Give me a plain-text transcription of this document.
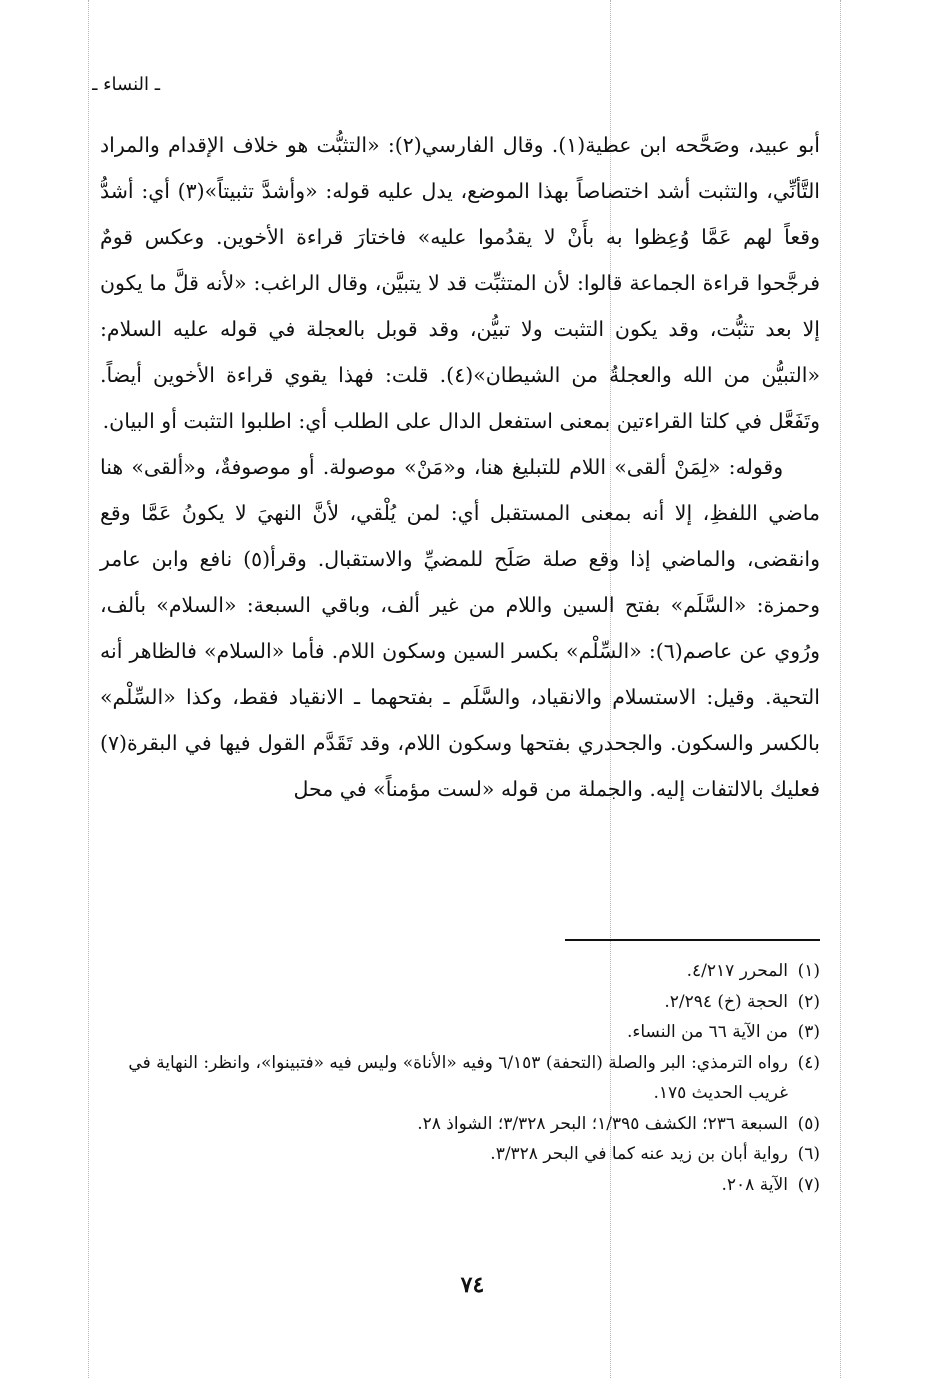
ـ النساء ـ

أبو عبيد، وصَحَّحه ابن عطية(١). وقال الفارسي(٢): «التثبُّت هو خلاف الإقدام والمراد التَّأنِّي، والتثبت أشد اختصاصاً بهذا الموضع، يدل عليه قوله: «وأشدَّ تثبيتاً»(٣) أي: أشدُّ وقعاً لهم عَمَّا وُعِظوا به بأَنْ لا يقدُموا عليه» فاختارَ قراءة الأخوين. وعكس قومٌ فرجَّحوا قراءة الجماعة قالوا: لأن المتثبِّت قد لا يتبيَّن، وقال الراغب: «لأنه قلَّ ما يكون إلا بعد تثبُّت، وقد يكون التثبت ولا تبيُّن، وقد قوبل بالعجلة في قوله عليه السلام: «التبيُّن من الله والعجلةُ من الشيطان»(٤). قلت: فهذا يقوي قراءة الأخوين أيضاً. وتَفَعَّل في كلتا القراءتين بمعنى استفعل الدال على الطلب أي: اطلبوا التثبت أو البيان.

وقوله: «لِمَنْ ألقى» اللام للتبليغ هنا، و«مَنْ» موصولة. أو موصوفةٌ، و«ألقى» هنا ماضي اللفظِ، إلا أنه بمعنى المستقبل أي: لمن يُلْقي، لأنَّ النهيَ لا يكونُ عَمَّا وقع وانقضى، والماضي إذا وقع صلة صَلَح للمضيِّ والاستقبال. وقرأ(٥) نافع وابن عامر وحمزة: «السَّلَم» بفتح السين واللام من غير ألف، وباقي السبعة: «السلام» بألف، ورُوي عن عاصم(٦): «السِّلْم» بكسر السين وسكون اللام. فأما «السلام» فالظاهر أنه التحية. وقيل: الاستسلام والانقياد، والسَّلَم ـ بفتحهما ـ الانقياد فقط، وكذا «السِّلْم» بالكسر والسكون. والجحدري بفتحها وسكون اللام، وقد تَقَدَّم القول فيها في البقرة(٧) فعليك بالالتفات إليه. والجملة من قوله «لست مؤمناً» في محل

(١)
المحرر ٤/٢١٧.
(٢)
الحجة (خ) ٢/٢٩٤.
(٣)
من الآية ٦٦ من النساء.
(٤)
رواه الترمذي: البر والصلة (التحفة) ٦/١٥٣ وفيه «الأناة» وليس فيه «فتبينوا»، وانظر: النهاية في غريب الحديث ١٧٥.
(٥)
السبعة ٢٣٦؛ الكشف ١/٣٩٥؛ البحر ٣/٣٢٨؛ الشواذ ٢٨.
(٦)
رواية أبان بن زيد عنه كما في البحر ٣/٣٢٨.
(٧)
الآية ٢٠٨.
٧٤
